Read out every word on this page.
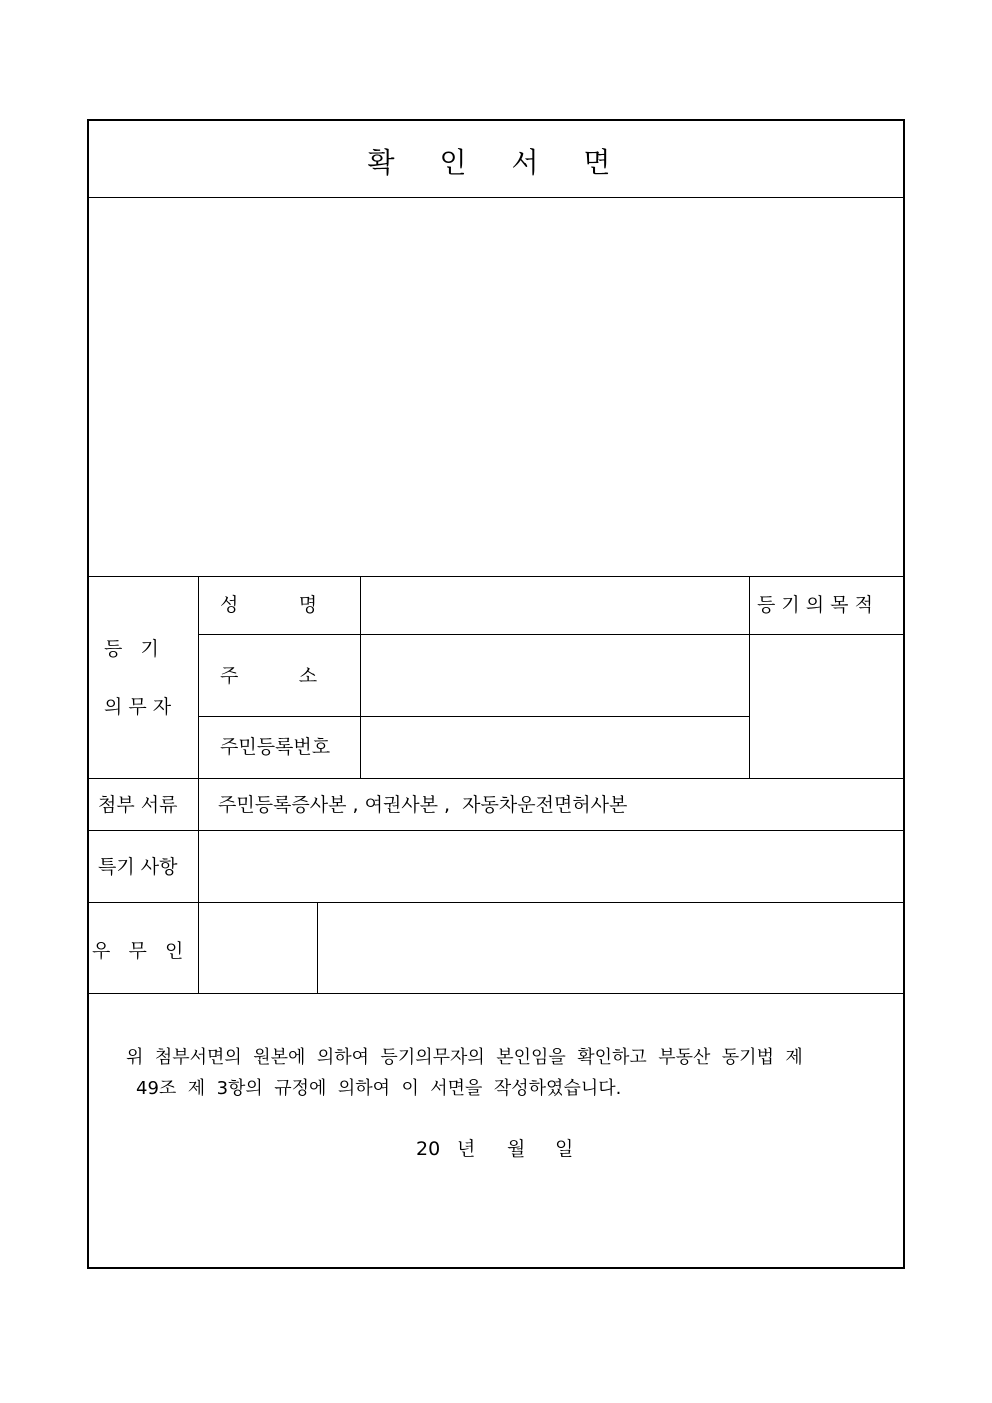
확 인 서 면
등   기
의 무 자
성          명
주          소
주민등록번호
등 기 의 목 적
첨부 서류 주민등록증사본 , 여권사본 ,  자동차운전면허사본
특기 사항
우   무   인
위  첨부서면의  원본에  의하여  등기의무자의  본인임을  확인하고  부동산  동기법  제
49조  제  3항의  규정에  의하여  이  서면을  작성하였습니다.
20 년 월 일
